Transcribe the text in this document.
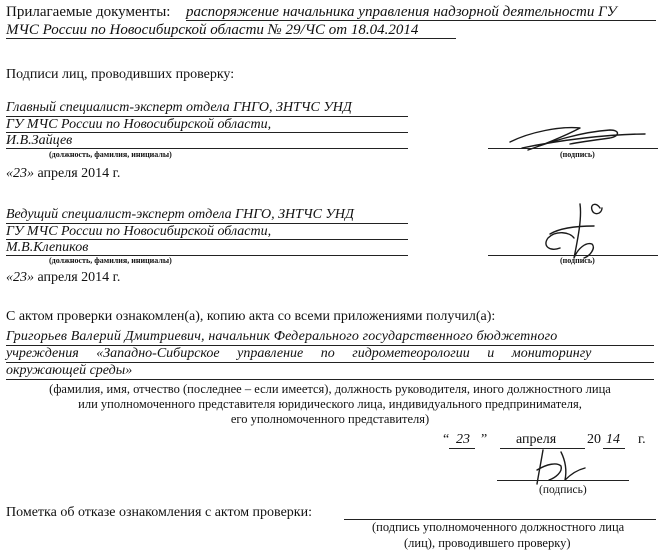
Прилагаемые документы: распоряжение начальника управления надзорной деятельности ГУ
МЧС России по Новосибирской области № 29/ЧС от 18.04.2014
Подписи лиц, проводивших проверку:
Главный специалист-эксперт отдела ГНГО, ЗНТЧС УНД
ГУ МЧС России по Новосибирской области,
И.В.Зайцев
(должность, фамилия, инициалы)	(подпись)
«23» апреля 2014 г.
Ведущий специалист-эксперт отдела ГНГО, ЗНТЧС УНД
ГУ МЧС России по Новосибирской области,
М.В.Клепиков
(должность, фамилия, инициалы)	(подпись)
«23» апреля 2014 г.
С актом проверки ознакомлен(а), копию акта со всеми приложениями получил(а):
Григорьев Валерий Дмитриевич, начальник Федерального государственного бюджетного
учреждения «Западно-Сибирское управление по гидрометеорологии и мониторингу
окружающей среды»
(фамилия, имя, отчество (последнее – если имеется), должность руководителя, иного должностного лица
или уполномоченного представителя юридического лица, индивидуального предпринимателя,
его уполномоченного представителя)
“ 23 ” апреля 20 14 г.
(подпись)
Пометка об отказе ознакомления с актом проверки:
(подпись уполномоченного должностного лица
(лиц), проводившего проверку)
